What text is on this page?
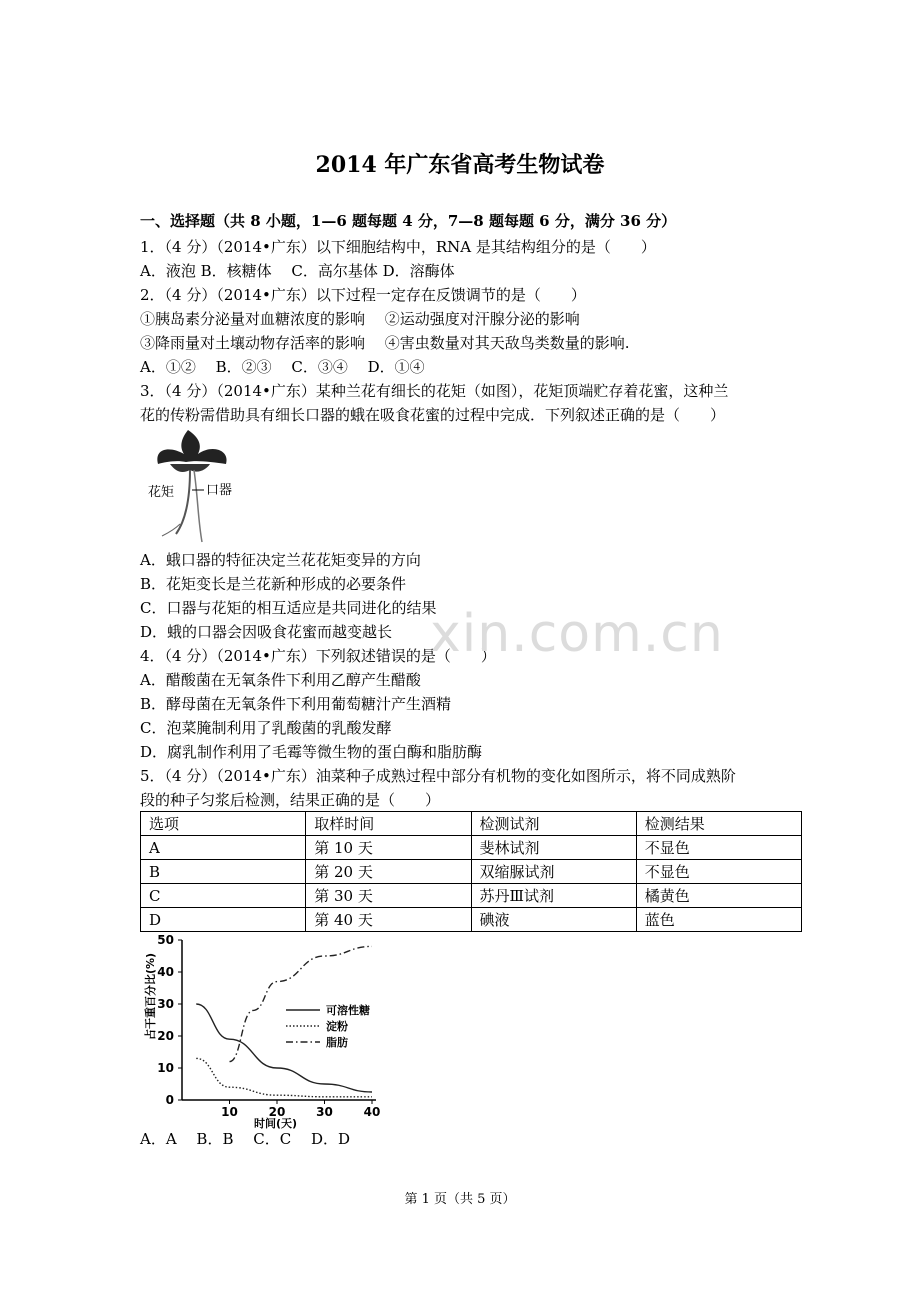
2014 年广东省高考生物试卷
一、选择题（共 8 小题，1—6 题每题 4 分，7—8 题每题 6 分，满分 36 分）
1．（4 分）（2014•广东）以下细胞结构中，RNA 是其结构组分的是（　　）
A．液泡 B．核糖体　 C．高尔基体 D．溶酶体
2．（4 分）（2014•广东）以下过程一定存在反馈调节的是（　　）
①胰岛素分泌量对血糖浓度的影响　 ②运动强度对汗腺分泌的影响
③降雨量对土壤动物存活率的影响　 ④害虫数量对其天敌鸟类数量的影响.
A．①②　 B．②③　 C．③④　 D．①④
3．（4 分）（2014•广东）某种兰花有细长的花矩（如图），花矩顶端贮存着花蜜，这种兰
花的传粉需借助具有细长口器的蛾在吸食花蜜的过程中完成．下列叙述正确的是（　　）
花矩 口器
A．蛾口器的特征决定兰花花矩变异的方向
B．花矩变长是兰花新种形成的必要条件
C．口器与花矩的相互适应是共同进化的结果
D．蛾的口器会因吸食花蜜而越变越长
4．（4 分）（2014•广东）下列叙述错误的是（　　）
A．醋酸菌在无氧条件下利用乙醇产生醋酸
B．酵母菌在无氧条件下利用葡萄糖汁产生酒精
C．泡菜腌制利用了乳酸菌的乳酸发酵
D．腐乳制作利用了毛霉等微生物的蛋白酶和脂肪酶
5．（4 分）（2014•广东）油菜种子成熟过程中部分有机物的变化如图所示，将不同成熟阶
段的种子匀浆后检测，结果正确的是（　　）
xin.com.cn
选项	取样时间	检测试剂	检测结果
A	第 10 天	斐林试剂	不显色
B	第 20 天	双缩脲试剂	不显色
C	第 30 天	苏丹Ⅲ试剂	橘黄色
D	第 40 天	碘液	蓝色
0
10
20
30
40
50
10	20	30	40
可溶性糖
淀粉
脂肪
占干重百分比(%)
时间(天)
A．A　 B．B　 C．C　 D．D
第 1 页（共 5 页）
